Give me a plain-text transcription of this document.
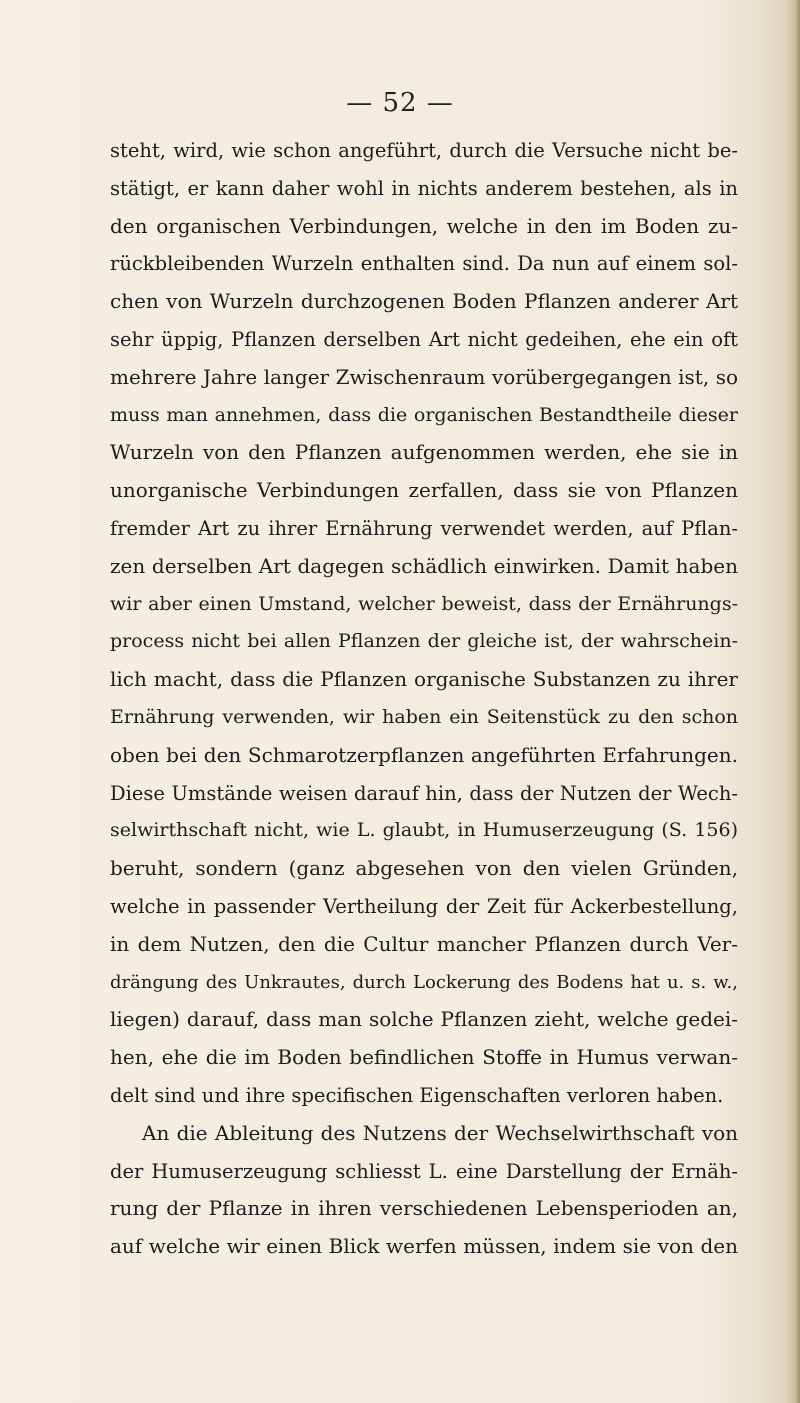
— 52 —
steht, wird, wie schon angeführt, durch die Versuche nicht be-
stätigt, er kann daher wohl in nichts anderem bestehen, als in
den organischen Verbindungen, welche in den im Boden zu-
rückbleibenden Wurzeln enthalten sind. Da nun auf einem sol-
chen von Wurzeln durchzogenen Boden Pflanzen anderer Art
sehr üppig, Pflanzen derselben Art nicht gedeihen, ehe ein oft
mehrere Jahre langer Zwischenraum vorübergegangen ist, so
muss man annehmen, dass die organischen Bestandtheile dieser
Wurzeln von den Pflanzen aufgenommen werden, ehe sie in
unorganische Verbindungen zerfallen, dass sie von Pflanzen
fremder Art zu ihrer Ernährung verwendet werden, auf Pflan-
zen derselben Art dagegen schädlich einwirken. Damit haben
wir aber einen Umstand, welcher beweist, dass der Ernährungs-
process nicht bei allen Pflanzen der gleiche ist, der wahrschein-
lich macht, dass die Pflanzen organische Substanzen zu ihrer
Ernährung verwenden, wir haben ein Seitenstück zu den schon
oben bei den Schmarotzerpflanzen angeführten Erfahrungen.
Diese Umstände weisen darauf hin, dass der Nutzen der Wech-
selwirthschaft nicht, wie L. glaubt, in Humuserzeugung (S. 156)
beruht, sondern (ganz abgesehen von den vielen Gründen,
welche in passender Vertheilung der Zeit für Ackerbestellung,
in dem Nutzen, den die Cultur mancher Pflanzen durch Ver-
drängung des Unkrautes, durch Lockerung des Bodens hat u. s. w.,
liegen) darauf, dass man solche Pflanzen zieht, welche gedei-
hen, ehe die im Boden befindlichen Stoffe in Humus verwan-
delt sind und ihre specifischen Eigenschaften verloren haben.
An die Ableitung des Nutzens der Wechselwirthschaft von
der Humuserzeugung schliesst L. eine Darstellung der Ernäh-
rung der Pflanze in ihren verschiedenen Lebensperioden an,
auf welche wir einen Blick werfen müssen, indem sie von den
